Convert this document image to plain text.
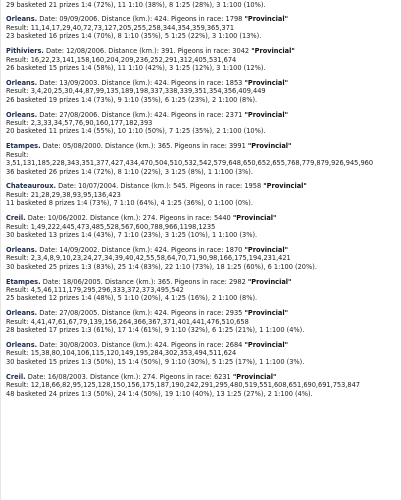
29 basketed 21 prizes 1:4 (72%), 11 1:10 (38%), 8 1:25 (28%), 3 1:100 (10%).
Orleans. Date: 09/09/2006. Distance (km.): 424. Pigeons in race: 1798 "Provincial"
Result: 11,14,17,29,40,72,73,127,205,255,258,344,354,359,365,371
23 basketed 16 prizes 1:4 (70%), 8 1:10 (35%), 5 1:25 (22%), 3 1:100 (13%).
Pithiviers. Date: 12/08/2006. Distance (km.): 391. Pigeons in race: 3042 "Provincial"
Result: 16,22,23,141,158,160,204,209,236,252,291,312,405,531,674
26 basketed 15 prizes 1:4 (58%), 11 1:10 (42%), 3 1:25 (12%), 3 1:100 (12%).
Orleans. Date: 13/09/2003. Distance (km.): 424. Pigeons in race: 1853 "Provincial"
Result: 3,4,20,25,30,44,87,99,135,189,198,337,338,339,351,354,356,409,449
26 basketed 19 prizes 1:4 (73%), 9 1:10 (35%), 6 1:25 (23%), 2 1:100 (8%).
Orleans. Date: 27/08/2006. Distance (km.): 424. Pigeons in race: 2371 "Provincial"
Result: 2,3,33,34,57,76,90,160,177,182,393
20 basketed 11 prizes 1:4 (55%), 10 1:10 (50%), 7 1:25 (35%), 2 1:100 (10%).
Etampes. Date: 05/08/2000. Distance (km.): 365. Pigeons in race: 3991 "Provincial"
Result: 3,51,131,185,228,343,351,377,427,434,470,504,510,532,542,579,648,650,652,655,768,779,879,926,945,960
36 basketed 26 prizes 1:4 (72%), 8 1:10 (22%), 3 1:25 (8%), 1 1:100 (3%).
Chateauroux. Date: 10/07/2004. Distance (km.): 545. Pigeons in race: 1958 "Provincial"
Result: 21,28,29,38,93,95,136,423
11 basketed 8 prizes 1:4 (73%), 7 1:10 (64%), 4 1:25 (36%), 0 1:100 (0%).
Creil. Date: 10/06/2002. Distance (km.): 274. Pigeons in race: 5440 "Provincial"
Result: 1,49,222,445,473,485,528,567,600,788,966,1198,1235
30 basketed 13 prizes 1:4 (43%), 7 1:10 (23%), 3 1:25 (10%), 1 1:100 (3%).
Orleans. Date: 14/09/2002. Distance (km.): 424. Pigeons in race: 1870 "Provincial"
Result: 2,3,4,8,9,10,23,24,27,34,39,40,42,55,58,64,70,71,90,98,166,175,194,231,421
30 basketed 25 prizes 1:3 (83%), 25 1:4 (83%), 22 1:10 (73%), 18 1:25 (60%), 6 1:100 (20%).
Etampes. Date: 18/06/2005. Distance (km.): 365. Pigeons in race: 2982 "Provincial"
Result: 4,5,46,111,179,295,296,333,372,373,495,542
25 basketed 12 prizes 1:4 (48%), 5 1:10 (20%), 4 1:25 (16%), 2 1:100 (8%).
Orleans. Date: 27/08/2005. Distance (km.): 424. Pigeons in race: 2935 "Provincial"
Result: 4,41,47,61,67,79,139,156,264,366,367,371,401,441,476,510,658
28 basketed 17 prizes 1:3 (61%), 17 1:4 (61%), 9 1:10 (32%), 6 1:25 (21%), 1 1:100 (4%).
Orleans. Date: 30/08/2003. Distance (km.): 424. Pigeons in race: 2684 "Provincial"
Result: 15,38,80,104,106,115,120,149,195,284,302,353,494,511,624
30 basketed 15 prizes 1:3 (50%), 15 1:4 (50%), 9 1:10 (30%), 5 1:25 (17%), 1 1:100 (3%).
Creil. Date: 16/08/2003. Distance (km.): 274. Pigeons in race: 6231 "Provincial"
Result: 12,18,66,82,95,125,128,150,156,175,187,190,242,291,295,480,519,551,608,651,690,691,753,847
48 basketed 24 prizes 1:3 (50%), 24 1:4 (50%), 19 1:10 (40%), 13 1:25 (27%), 2 1:100 (4%).
